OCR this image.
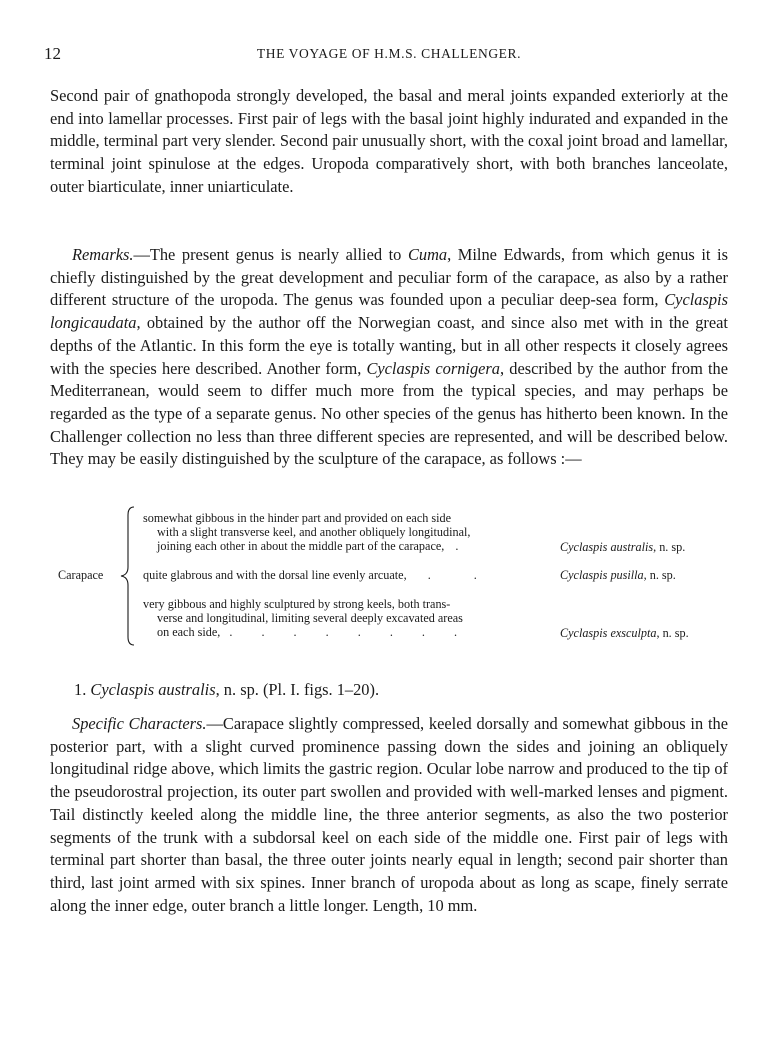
12	THE VOYAGE OF H.M.S. CHALLENGER.

Second pair of gnathopoda strongly developed, the basal and meral joints expanded exteriorly at the end into lamellar processes. First pair of legs with the basal joint highly indurated and expanded in the middle, terminal part very slender. Second pair unusually short, with the coxal joint broad and lamellar, terminal joint spinulose at the edges. Uropoda comparatively short, with both branches lanceolate, outer biarticulate, inner uniarticulate.

Remarks.—The present genus is nearly allied to Cuma, Milne Edwards, from which genus it is chiefly distinguished by the great development and peculiar form of the carapace, as also by a rather different structure of the uropoda. The genus was founded upon a peculiar deep-sea form, Cyclaspis longicaudata, obtained by the author off the Norwegian coast, and since also met with in the great depths of the Atlantic. In this form the eye is totally wanting, but in all other respects it closely agrees with the species here described. Another form, Cyclaspis cornigera, described by the author from the Mediterranean, would seem to differ much more from the typical species, and may perhaps be regarded as the type of a separate genus. No other species of the genus has hitherto been known. In the Challenger collection no less than three different species are represented, and will be described below. They may be easily distinguished by the sculpture of the carapace, as follows :—

Carapace
somewhat gibbous in the hinder part and provided on each side
with a slight transverse keel, and another obliquely longitudinal,
joining each other in about the middle part of the carapace, .	Cyclaspis australis, n. sp.
quite glabrous and with the dorsal line evenly arcuate, . .	Cyclaspis pusilla, n. sp.
very gibbous and highly sculptured by strong keels, both trans-
verse and longitudinal, limiting several deeply excavated areas
on each side, . . . . . . . .	Cyclaspis exsculpta, n. sp.
1. Cyclaspis australis, n. sp. (Pl. I. figs. 1–20).

Specific Characters.—Carapace slightly compressed, keeled dorsally and somewhat gibbous in the posterior part, with a slight curved prominence passing down the sides and joining an obliquely longitudinal ridge above, which limits the gastric region. Ocular lobe narrow and produced to the tip of the pseudorostral projection, its outer part swollen and provided with well-marked lenses and pigment. Tail distinctly keeled along the middle line, the three anterior segments, as also the two posterior segments of the trunk with a subdorsal keel on each side of the middle one. First pair of legs with terminal part shorter than basal, the three outer joints nearly equal in length; second pair shorter than third, last joint armed with six spines. Inner branch of uropoda about as long as scape, finely serrate along the inner edge, outer branch a little longer. Length, 10 mm.
